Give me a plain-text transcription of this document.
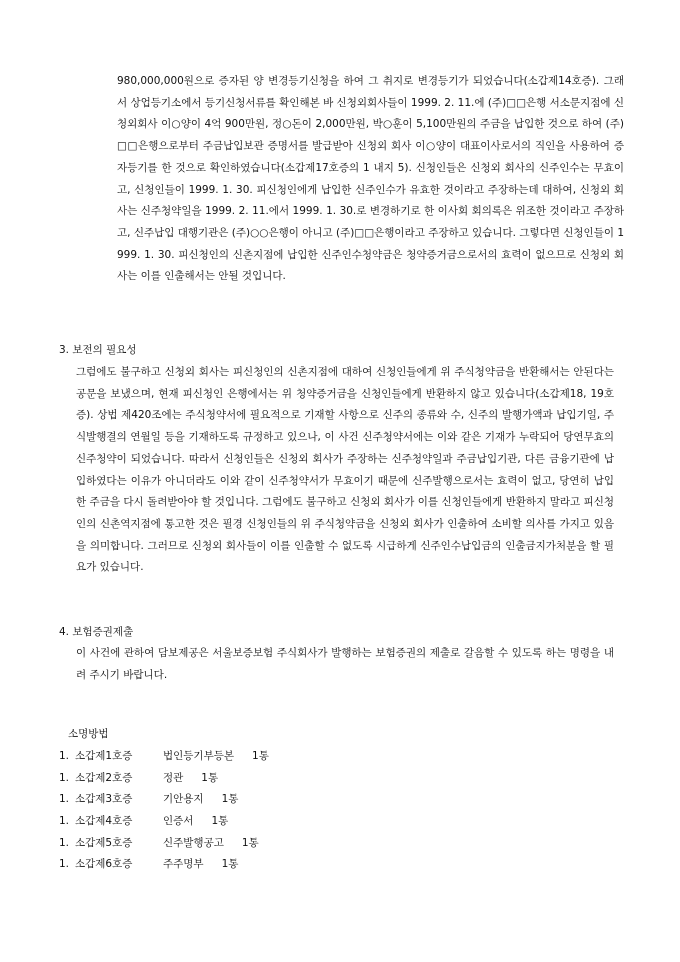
980,000,000원으로 증자된 양 변경등기신청을 하여 그 취지로 변경등기가 되었습니다(소갑제14호증). 그래서 상업등기소에서 등기신청서류를 확인해본 바 신청외회사들이 1999. 2. 11.에 (주)□□은행 서소문지점에 신청외회사 이○양이 4억 900만원, 정○돈이 2,000만원, 박○훈이 5,100만원의 주금을 납입한 것으로 하여 (주)□□은행으로부터 주금납입보관 증명서를 발급받아 신청외 회사 이○양이 대표이사로서의 직인을 사용하여 증자등기를 한 것으로 확인하였습니다(소갑제17호증의 1 내지 5). 신청인들은 신청외 회사의 신주인수는 무효이고, 신청인들이 1999. 1. 30. 피신청인에게 납입한 신주인수가 유효한 것이라고 주장하는데 대하여, 신청외 회사는 신주청약일을 1999. 2. 11.에서 1999. 1. 30.로 변경하기로 한 이사회 회의록은 위조한 것이라고 주장하고, 신주납입 대행기관은 (주)○○은행이 아니고 (주)□□은행이라고 주장하고 있습니다. 그렇다면 신청인들이 1999. 1. 30. 피신청인의 신촌지점에 납입한 신주인수청약금은 청약증거금으로서의 효력이 없으므로 신청외 회사는 이를 인출해서는 안될 것입니다.

3. 보전의 필요성

그럼에도 불구하고 신청외 회사는 피신청인의 신촌지점에 대하여 신청인들에게 위 주식청약금을 반환해서는 안된다는 공문을 보냈으며, 현재 피신청인 은행에서는 위 청약증거금을 신청인들에게 반환하지 않고 있습니다(소갑제18, 19호증). 상법 제420조에는 주식청약서에 필요적으로 기재할 사항으로 신주의 종류와 수, 신주의 발행가액과 납입기일, 주식발행결의 연월일 등을 기재하도록 규정하고 있으나, 이 사건 신주청약서에는 이와 같은 기재가 누락되어 당연무효의 신주청약이 되었습니다. 따라서 신청인들은 신청외 회사가 주장하는 신주청약일과 주금납입기관, 다른 금융기관에 납입하였다는 이유가 아니더라도 이와 같이 신주청약서가 무효이기 때문에 신주발행으로서는 효력이 없고, 당연히 납입한 주금을 다시 돌려받아야 할 것입니다. 그럼에도 불구하고 신청외 회사가 이를 신청인들에게 반환하지 말라고 피신청인의 신촌역지점에 통고한 것은 필경 신청인들의 위 주식청약금을 신청외 회사가 인출하여 소비할 의사를 가지고 있음을 의미합니다. 그러므로 신청외 회사들이 이를 인출할 수 없도록 시급하게 신주인수납입금의 인출금지가처분을 할 필요가 있습니다.

4. 보험증권제출

이 사건에 관하여 담보제공은 서울보증보험 주식회사가 발행하는 보험증권의 제출로 갈음할 수 있도록 하는 명령을 내려 주시기 바랍니다.

소명방법

1. 소갑제1호증	법인등기부등본 1통
1. 소갑제2호증	정관 1통
1. 소갑제3호증	기안용지 1통
1. 소갑제4호증	인증서 1통
1. 소갑제5호증	신주발행공고 1통
1. 소갑제6호증	주주명부 1통
